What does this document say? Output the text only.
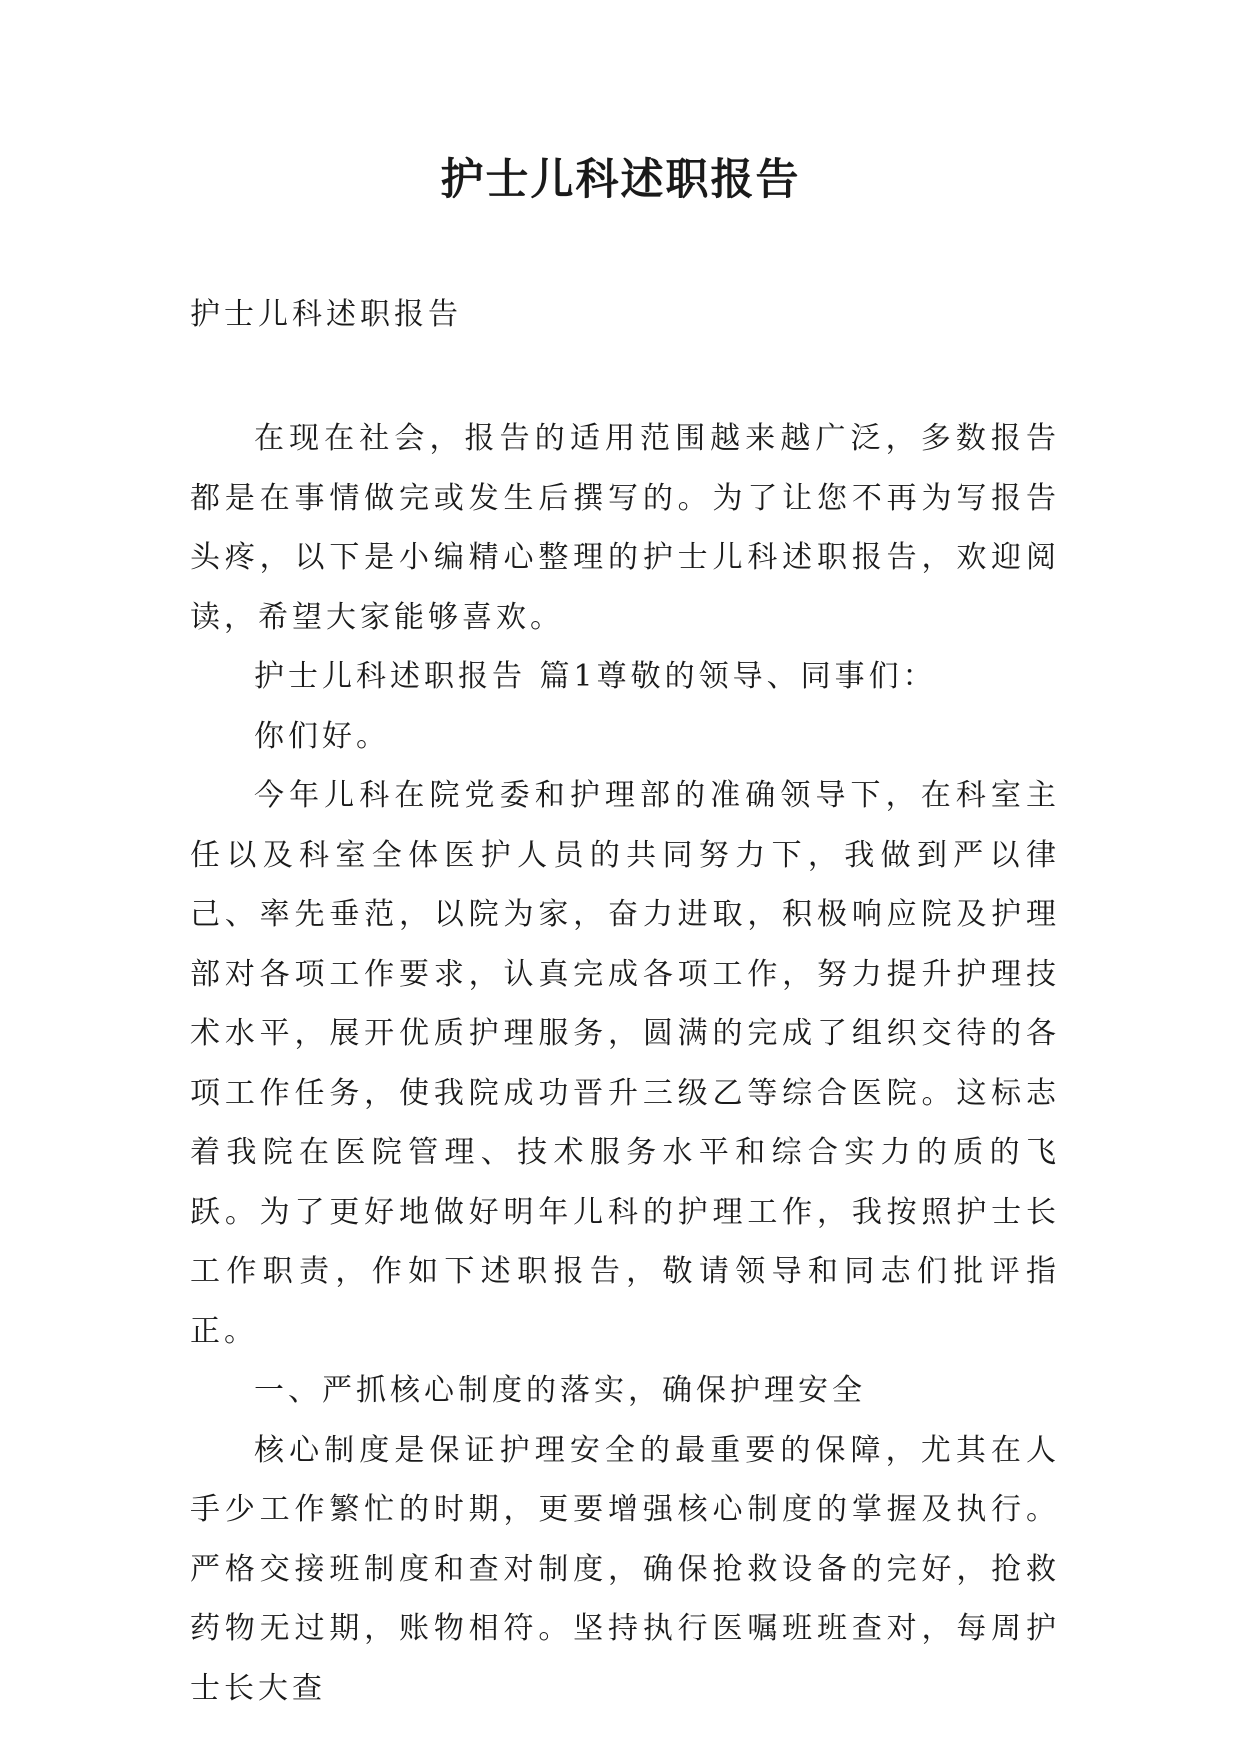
护士儿科述职报告
护士儿科述职报告

在现在社会，报告的适用范围越来越广泛，多数报告都是在事情做完或发生后撰写的。为了让您不再为写报告头疼，以下是小编精心整理的护士儿科述职报告，欢迎阅读，希望大家能够喜欢。

护士儿科述职报告 篇1尊敬的领导、同事们：

你们好。

今年儿科在院党委和护理部的准确领导下，在科室主任以及科室全体医护人员的共同努力下，我做到严以律己、率先垂范，以院为家，奋力进取，积极响应院及护理部对各项工作要求，认真完成各项工作，努力提升护理技术水平，展开优质护理服务，圆满的完成了组织交待的各项工作任务，使我院成功晋升三级乙等综合医院。这标志着我院在医院管理、技术服务水平和综合实力的质的飞跃。为了更好地做好明年儿科的护理工作，我按照护士长工作职责，作如下述职报告，敬请领导和同志们批评指正。

一、严抓核心制度的落实，确保护理安全

核心制度是保证护理安全的最重要的保障，尤其在人手少工作繁忙的时期，更要增强核心制度的掌握及执行。严格交接班制度和查对制度，确保抢救设备的完好，抢救药物无过期，账物相符。坚持执行医嘱班班查对，每周护士长大查
